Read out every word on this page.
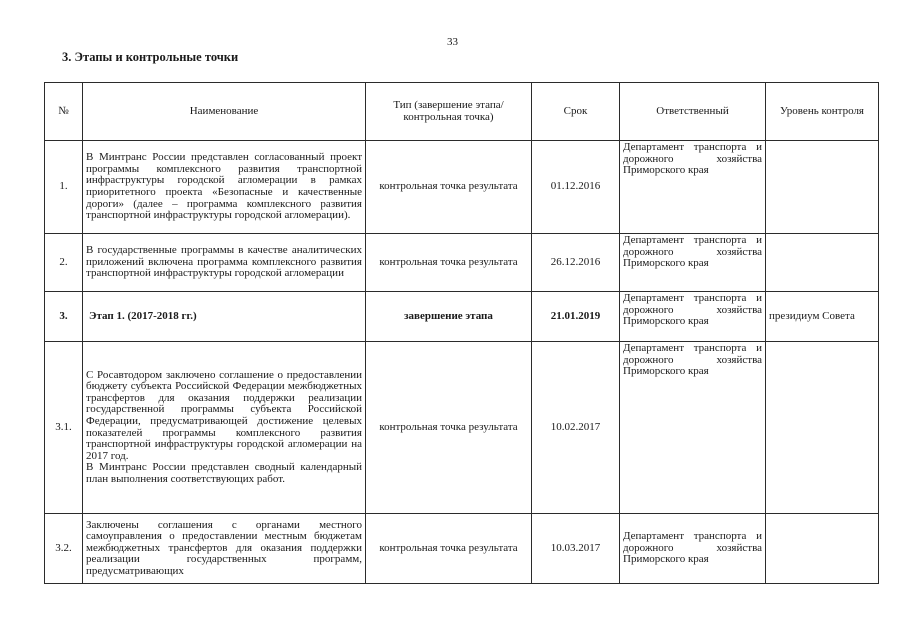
33
3. Этапы и контрольные точки
№	Наименование	Тип (завершение этапа/контрольная точка)	Срок	Ответственный	Уровень контроля
1.	В Минтранс России представлен согласованный проект программы комплексного развития транспортной инфраструктуры городской агломерации в рамках приоритетного проекта «Безопасные и качественные дороги» (далее – программа комплексного развития транспортной инфраструктуры городской агломерации).	контрольная точка результата	01.12.2016	Департамент транспорта и дорожного хозяйства Приморского края	
2.	В государственные программы в качестве аналитических приложений включена программа комплексного развития транспортной инфраструктуры городской агломерации	контрольная точка результата	26.12.2016	Департамент транспорта и дорожного хозяйства Приморского края	
3.	Этап 1. (2017-2018 гг.)	завершение этапа	21.01.2019	Департамент транспорта и дорожного хозяйства Приморского края	президиум Совета
3.1.	С Росавтодором заключено соглашение о предоставлении бюджету субъекта Российской Федерации межбюджетных трансфертов для оказания поддержки реализации государственной программы субъекта Российской Федерации, предусматривающей достижение целевых показателей программы комплексного развития транспортной инфраструктуры городской агломерации на 2017 год.
В Минтранс России представлен сводный календарный план выполнения соответствующих работ.	контрольная точка результата	10.02.2017	Департамент транспорта и дорожного хозяйства Приморского края	
3.2.	Заключены соглашения с органами местного самоуправления о предоставлении местным бюджетам межбюджетных трансфертов для оказания поддержки реализации государственных программ, предусматривающих	контрольная точка результата	10.03.2017	Департамент транспорта и дорожного хозяйства Приморского края	
